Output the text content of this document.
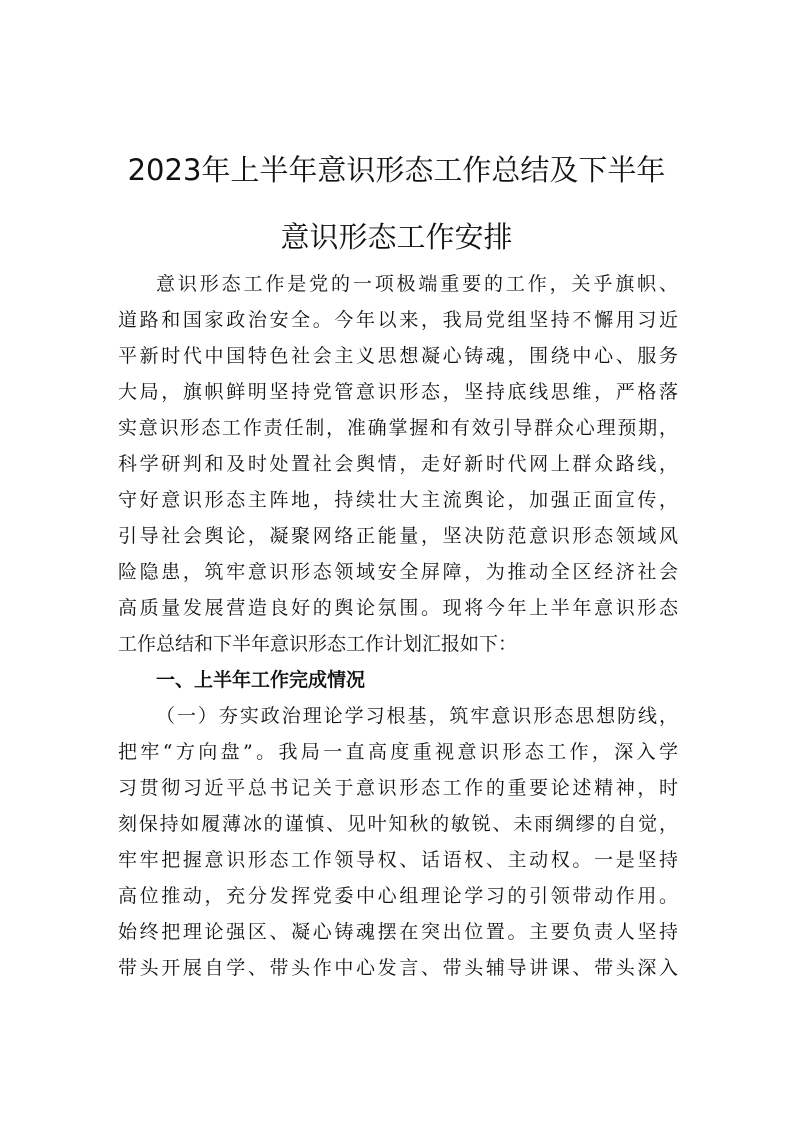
2023年上半年意识形态工作总结及下半年
意识形态工作安排
意识形态工作是党的一项极端重要的工作，关乎旗帜、
道路和国家政治安全。今年以来，我局党组坚持不懈用习近
平新时代中国特色社会主义思想凝心铸魂，围绕中心、服务
大局，旗帜鲜明坚持党管意识形态，坚持底线思维，严格落
实意识形态工作责任制，准确掌握和有效引导群众心理预期，
科学研判和及时处置社会舆情，走好新时代网上群众路线，
守好意识形态主阵地，持续壮大主流舆论，加强正面宣传，
引导社会舆论，凝聚网络正能量，坚决防范意识形态领域风
险隐患，筑牢意识形态领域安全屏障，为推动全区经济社会
高质量发展营造良好的舆论氛围。现将今年上半年意识形态
工作总结和下半年意识形态工作计划汇报如下：
一、上半年工作完成情况
（一）夯实政治理论学习根基，筑牢意识形态思想防线，
把牢“方向盘”。我局一直高度重视意识形态工作，深入学
习贯彻习近平总书记关于意识形态工作的重要论述精神，时
刻保持如履薄冰的谨慎、见叶知秋的敏锐、未雨绸缪的自觉，
牢牢把握意识形态工作领导权、话语权、主动权。一是坚持
高位推动，充分发挥党委中心组理论学习的引领带动作用。
始终把理论强区、凝心铸魂摆在突出位置。主要负责人坚持
带头开展自学、带头作中心发言、带头辅导讲课、带头深入
